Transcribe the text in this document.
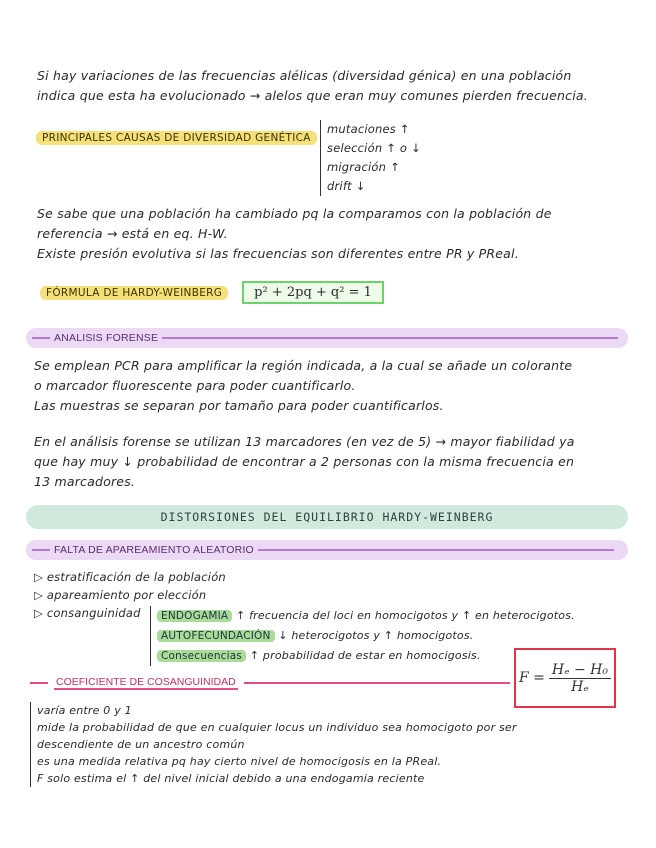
Si hay variaciones de las frecuencias alélicas (diversidad génica) en una población
indica que esta ha evolucionado → alelos que eran muy comunes pierden frecuencia.
PRINCIPALES CAUSAS DE DIVERSIDAD GENÉTICA
mutaciones ↑
selección ↑ o ↓
migración ↑
drift ↓
Se sabe que una población ha cambiado pq la comparamos con la población de
referencia → está en eq. H-W.
Existe presión evolutiva si las frecuencias son diferentes entre PR y PReal.
FÓRMULA DE HARDY-WEINBERG	p² + 2pq + q² = 1
ANALISIS FORENSE
Se emplean PCR para amplificar la región indicada, a la cual se añade un colorante
o marcador fluorescente para poder cuantificarlo.
Las muestras se separan por tamaño para poder cuantificarlos.
En el análisis forense se utilizan 13 marcadores (en vez de 5) → mayor fiabilidad ya
que hay muy ↓ probabilidad de encontrar a 2 personas con la misma frecuencia en
13 marcadores.
DISTORSIONES DEL EQUILIBRIO HARDY-WEINBERG
FALTA DE APAREAMIENTO ALEATORIO
▷ estratificación de la población
▷ apareamiento por elección
▷ consanguinidad	ENDOGAMIA ↑ frecuencia del loci en homocigotos y ↑ en heterocigotos.
AUTOFECUNDACIÓN ↓ heterocigotos y ↑ homocigotos.
Consecuencias ↑ probabilidad de estar en homocigosis.
COEFICIENTE DE COSANGUINIDAD	$F = \frac{\text{Hₑ − H₀}}{\text{Hₑ}}$
varía entre 0 y 1
mide la probabilidad de que en cualquier locus un individuo sea homocigoto por ser
descendiente de un ancestro común
es una medida relativa pq hay cierto nivel de homocigosis en la PReal.
F solo estima el ↑ del nivel inicial debido a una endogamia reciente
